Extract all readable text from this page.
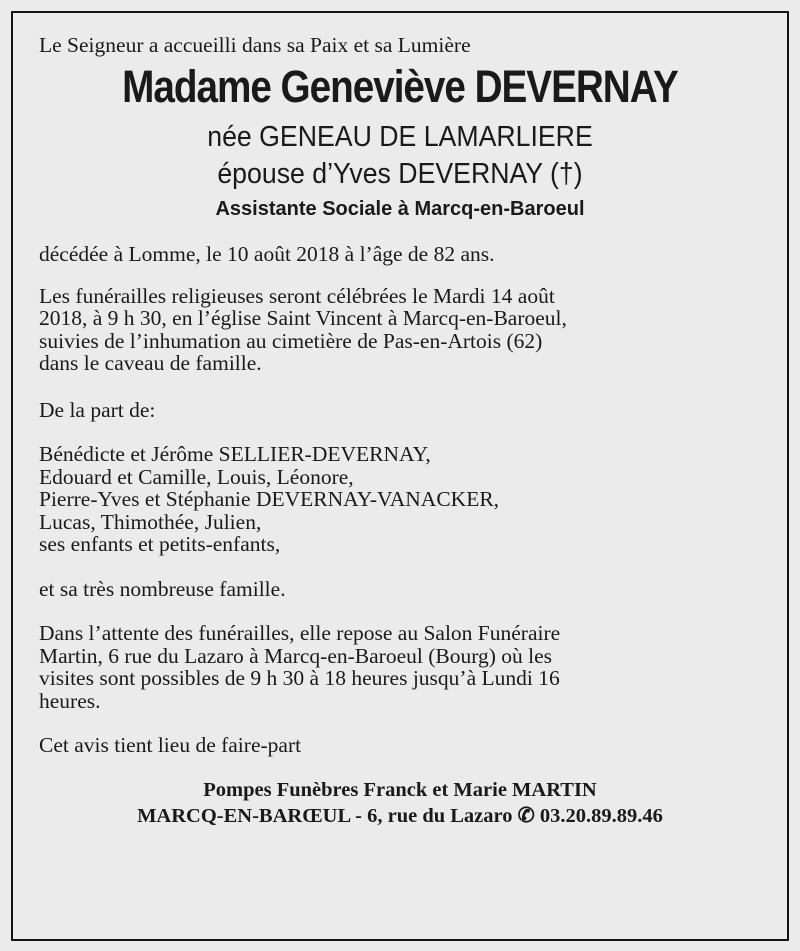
Le Seigneur a accueilli dans sa Paix et sa Lumière

Madame Geneviève DEVERNAY

née GENEAU DE LAMARLIERE

épouse d’Yves DEVERNAY (†)

Assistante Sociale à Marcq-en-Baroeul

décédée à Lomme, le 10 août 2018 à l’âge de 82 ans.

Les funérailles religieuses seront célébrées le Mardi 14 août
2018, à 9 h 30, en l’église Saint Vincent à Marcq-en-Baroeul,
suivies de l’inhumation au cimetière de Pas-en-Artois (62)
dans le caveau de famille.

De la part de:

Bénédicte et Jérôme SELLIER-DEVERNAY,
Edouard et Camille, Louis, Léonore,
Pierre-Yves et Stéphanie DEVERNAY-VANACKER,
Lucas, Thimothée, Julien,
ses enfants et petits-enfants,

et sa très nombreuse famille.

Dans l’attente des funérailles, elle repose au Salon Funéraire
Martin, 6 rue du Lazaro à Marcq-en-Baroeul (Bourg) où les
visites sont possibles de 9 h 30 à 18 heures jusqu’à Lundi 16
heures.

Cet avis tient lieu de faire-part

Pompes Funèbres Franck et Marie MARTIN

MARCQ-EN-BARŒUL - 6, rue du Lazaro ✆ 03.20.89.89.46
